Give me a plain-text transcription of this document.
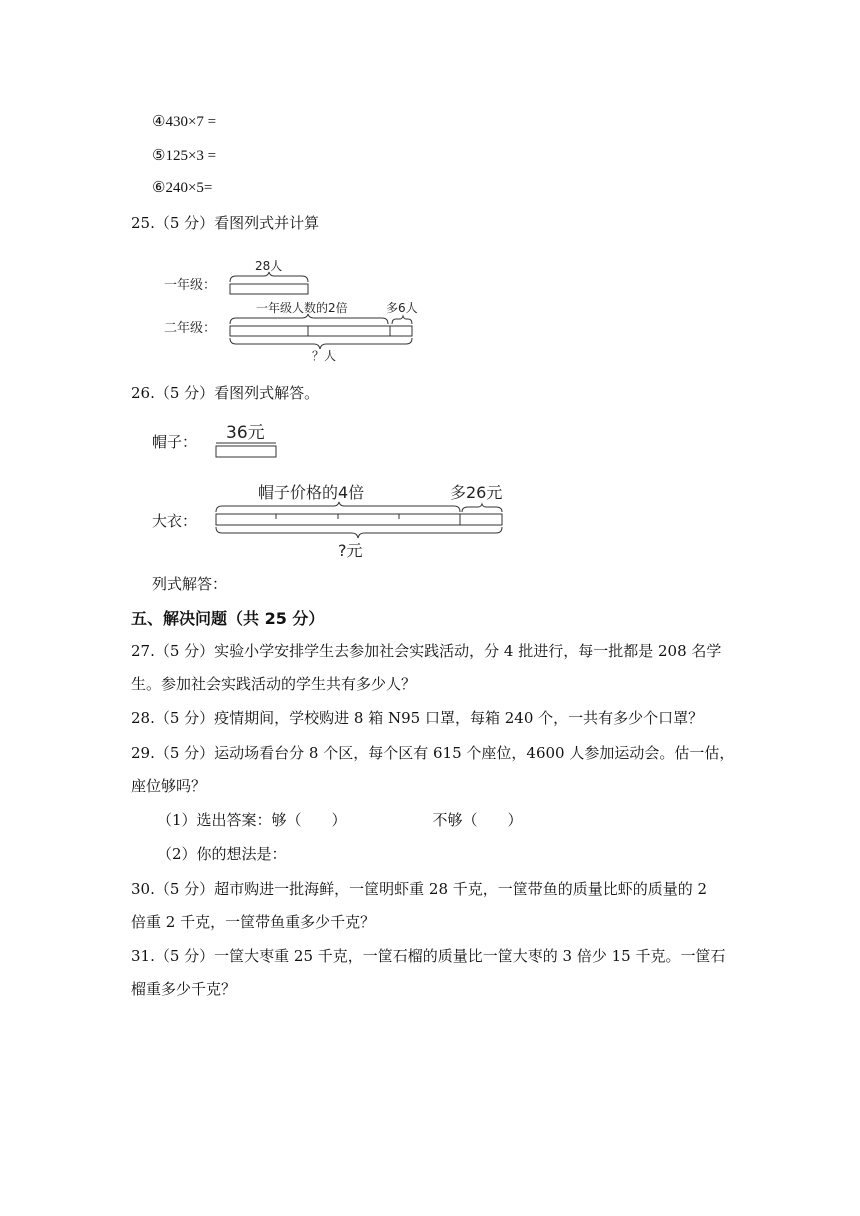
④430×7 =
⑤125×3 =
⑥240×5=
25.（5 分）看图列式并计算
一年级：
二年级：
28人
一年级人数的2倍	多6人
？人
26.（5 分）看图列式解答。
帽子：
大衣：
36元
帽子价格的4倍	多26元
?元
列式解答：
五、解决问题（共 25 分）
27.（5 分）实验小学安排学生去参加社会实践活动，分 4 批进行，每一批都是 208 名学
生。参加社会实践活动的学生共有多少人？
28.（5 分）疫情期间，学校购进 8 箱 N95 口罩，每箱 240 个，一共有多少个口罩？
29.（5 分）运动场看台分 8 个区，每个区有 615 个座位，4600 人参加运动会。估一估，
座位够吗？
（1）选出答案：够（　　）	不够（　　）
（2）你的想法是：
30.（5 分）超市购进一批海鲜，一筐明虾重 28 千克，一筐带鱼的质量比虾的质量的 2
倍重 2 千克，一筐带鱼重多少千克？
31.（5 分）一筐大枣重 25 千克，一筐石榴的质量比一筐大枣的 3 倍少 15 千克。一筐石
榴重多少千克？
